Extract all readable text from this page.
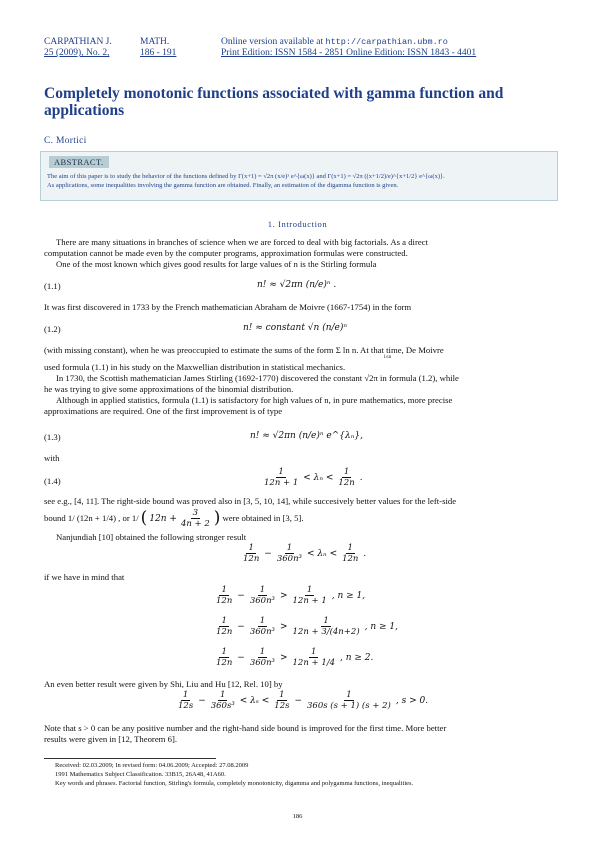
CARPATHIAN J.	MATH.
25 (2009), No. 2,	186 - 191
Online version available at http://carpathian.ubm.ro
Print Edition: ISSN 1584 - 2851 Online Edition: ISSN 1843 - 4401
Completely monotonic functions associated with gamma function and applications
C. Mortici
ABSTRACT.
The aim of this paper is to study the behavior of the functions defined by Γ(x+1) = √2π (x/e)ˣ e^{ω(x)} and Γ(x+1) = √2π ((x+1/2)/e)^{x+1/2} e^{ω(x)}.
As applications, some inequalities involving the gamma function are obtained. Finally, an estimation of the digamma function is given.
1. Introduction
There are many situations in branches of science when we are forced to deal with big factorials. As a direct
computation cannot be made even by the computer programs, approximation formulas were constructed.
One of the most known which gives good results for large values of n is the Stirling formula
(1.1)	n! ≈ √2πn (n/e)ⁿ .
It was first discovered in 1733 by the French mathematician Abraham de Moivre (1667-1754) in the form
(1.2)	n! ≈ constant √n (n/e)ⁿ
(with missing constant), when he was preoccupied to estimate the sums of the form Σ ln n. At that time, De Moivre
i≤n
used formula (1.1) in his study on the Maxwellian distribution in statistical mechanics.
In 1730, the Scottish mathematician James Stirling (1692-1770) discovered the constant √2π in formula (1.2), while
he was trying to give some approximations of the binomial distribution.
Although in applied statistics, formula (1.1) is satisfactory for high values of n, in pure mathematics, more precise
approximations are required. One of the first improvement is of type
(1.3)	n! ≈ √2πn (n/e)ⁿ e^{λₙ},
with
(1.4)	$\frac{1}{12n + 1} < \lambda_n < \frac{1}{12n}$ .
see e.g., [4, 11]. The right-side bound was proved also in [3, 5, 10, 14], while succesively better values for the left-side
bound 1/ (12n + 1/4) , or 1/ ( $12n + \frac{3}{4n + 2}$ ) were obtained in [3, 5].
Nanjundiah [10] obtained the following stronger result
$\frac{1}{12n} - \frac{1}{\text{360n³}} < \lambda_n < \frac{1}{12n}$ .
if we have in mind that
$\frac{1}{12n} - \frac{1}{\text{360n³}} > \frac{1}{12n + 1}$ , n ≥ 1,
$\frac{1}{12n} - \frac{1}{\text{360n³}} > \frac{1}{12n + 3/(4n+2)}$ , n ≥ 1,
$\frac{1}{12n} - \frac{1}{\text{360n³}} > \frac{1}{12n + 1/4}$ , n ≥ 2.
An even better result were given by Shi, Liu and Hu [12, Rel. 10] by
$\frac{1}{12s} - \frac{1}{\text{360s³}} < \lambda_s < \frac{1}{12s} - \frac{1}{360s (s + 1) (s + 2)}$ , s > 0.
Note that s > 0 can be any positive number and the right-hand side bound is improved for the first time. More better
results were given in [12, Theorem 6].
Received: 02.03.2009; In revised form: 04.06.2009; Accepted: 27.08.2009
1991 Mathematics Subject Classification. 33B15, 26A48, 41A60.
Key words and phrases. Factorial function, Stirling's formula, completely monotonicity, digamma and polygamma functions, inequalities.
186
